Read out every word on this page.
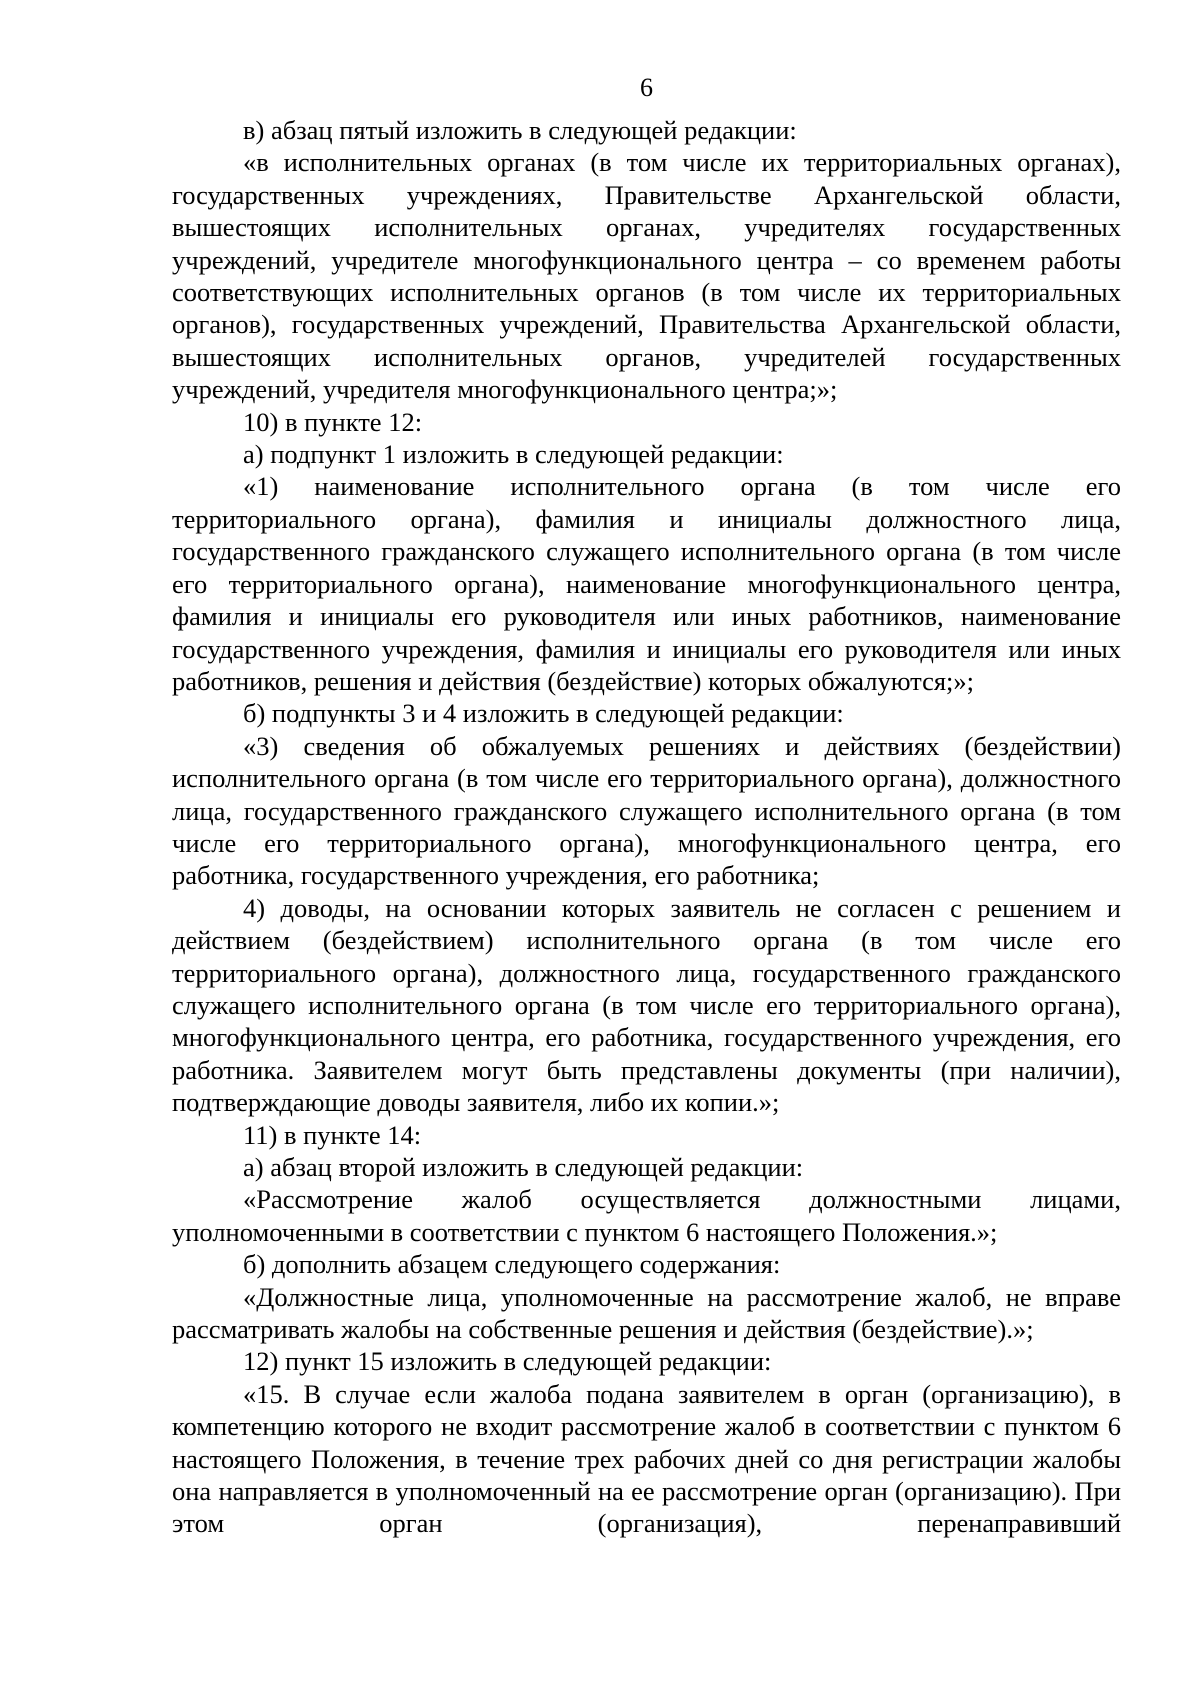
6

в) абзац пятый изложить в следующей редакции:

«в исполнительных органах (в том числе их территориальных органах), государственных учреждениях, Правительстве Архангельской области, вышестоящих исполнительных органах, учредителях государственных учреждений, учредителе многофункционального центра – со временем работы соответствующих исполнительных органов (в том числе их территориальных органов), государственных учреждений, Правительства Архангельской области, вышестоящих исполнительных органов, учредителей государственных учреждений, учредителя многофункционального центра;»;

10) в пункте 12:

а) подпункт 1 изложить в следующей редакции:

«1) наименование исполнительного органа (в том числе его территориального органа), фамилия и инициалы должностного лица, государственного гражданского служащего исполнительного органа (в том числе его территориального органа), наименование многофункционального центра, фамилия и инициалы его руководителя или иных работников, наименование государственного учреждения, фамилия и инициалы его руководителя или иных работников, решения и действия (бездействие) которых обжалуются;»;

б) подпункты 3 и 4 изложить в следующей редакции:

«3) сведения об обжалуемых решениях и действиях (бездействии) исполнительного органа (в том числе его территориального органа), должностного лица, государственного гражданского служащего исполнительного органа (в том числе его территориального органа), многофункционального центра, его работника, государственного учреждения, его работника;

4) доводы, на основании которых заявитель не согласен с решением и действием (бездействием) исполнительного органа (в том числе его территориального органа), должностного лица, государственного гражданского служащего исполнительного органа (в том числе его территориального органа), многофункционального центра, его работника, государственного учреждения, его работника. Заявителем могут быть представлены документы (при наличии), подтверждающие доводы заявителя, либо их копии.»;

11) в пункте 14:

а) абзац второй изложить в следующей редакции:

«Рассмотрение жалоб осуществляется должностными лицами, уполномоченными в соответствии с пунктом 6 настоящего Положения.»;

б) дополнить абзацем следующего содержания:

«Должностные лица, уполномоченные на рассмотрение жалоб, не вправе рассматривать жалобы на собственные решения и действия (бездействие).»;

12) пункт 15 изложить в следующей редакции:

«15. В случае если жалоба подана заявителем в орган (организацию), в компетенцию которого не входит рассмотрение жалоб в соответствии с пунктом 6 настоящего Положения, в течение трех рабочих дней со дня регистрации жалобы она направляется в уполномоченный на ее рассмотрение орган (организацию). При этом орган (организация), перенаправивший
